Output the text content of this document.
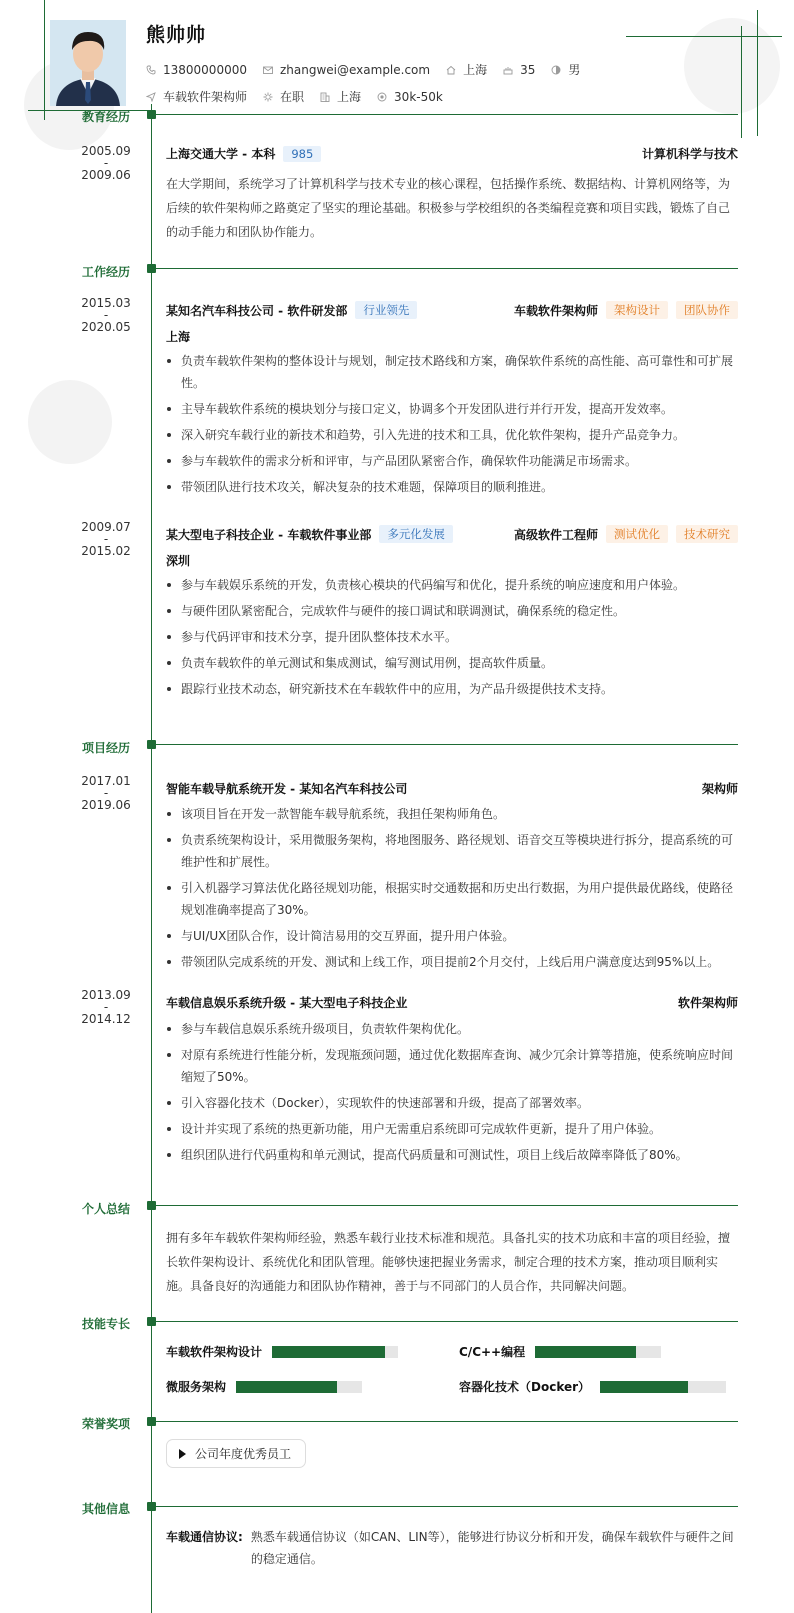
熊帅帅
13800000000	zhangwei@example.com	上海	35	男
车载软件架构师	在职	上海	30k-50k
教育经历
2005.09
-
2009.06
上海交通大学 - 本科	985	计算机科学与技术
在大学期间，系统学习了计算机科学与技术专业的核心课程，包括操作系统、数据结构、计算机网络等，为后续的软件架构师之路奠定了坚实的理论基础。积极参与学校组织的各类编程竞赛和项目实践，锻炼了自己的动手能力和团队协作能力。
工作经历
2015.03
-
2020.05
某知名汽车科技公司 - 软件研发部	行业领先	车载软件架构师	架构设计	团队协作
上海
负责车载软件架构的整体设计与规划，制定技术路线和方案，确保软件系统的高性能、高可靠性和可扩展性。
主导车载软件系统的模块划分与接口定义，协调多个开发团队进行并行开发，提高开发效率。
深入研究车载行业的新技术和趋势，引入先进的技术和工具，优化软件架构，提升产品竞争力。
参与车载软件的需求分析和评审，与产品团队紧密合作，确保软件功能满足市场需求。
带领团队进行技术攻关，解决复杂的技术难题，保障项目的顺利推进。
2009.07
-
2015.02
某大型电子科技企业 - 车载软件事业部	多元化发展	高级软件工程师	测试优化	技术研究
深圳
参与车载娱乐系统的开发，负责核心模块的代码编写和优化，提升系统的响应速度和用户体验。
与硬件团队紧密配合，完成软件与硬件的接口调试和联调测试，确保系统的稳定性。
参与代码评审和技术分享，提升团队整体技术水平。
负责车载软件的单元测试和集成测试，编写测试用例，提高软件质量。
跟踪行业技术动态，研究新技术在车载软件中的应用，为产品升级提供技术支持。
项目经历
2017.01
-
2019.06
智能车载导航系统开发 - 某知名汽车科技公司	架构师
该项目旨在开发一款智能车载导航系统，我担任架构师角色。
负责系统架构设计，采用微服务架构，将地图服务、路径规划、语音交互等模块进行拆分，提高系统的可维护性和扩展性。
引入机器学习算法优化路径规划功能，根据实时交通数据和历史出行数据，为用户提供最优路线，使路径规划准确率提高了30%。
与UI/UX团队合作，设计简洁易用的交互界面，提升用户体验。
带领团队完成系统的开发、测试和上线工作，项目提前2个月交付，上线后用户满意度达到95%以上。
2013.09
-
2014.12
车载信息娱乐系统升级 - 某大型电子科技企业	软件架构师
参与车载信息娱乐系统升级项目，负责软件架构优化。
对原有系统进行性能分析，发现瓶颈问题，通过优化数据库查询、减少冗余计算等措施，使系统响应时间缩短了50%。
引入容器化技术（Docker），实现软件的快速部署和升级，提高了部署效率。
设计并实现了系统的热更新功能，用户无需重启系统即可完成软件更新，提升了用户体验。
组织团队进行代码重构和单元测试，提高代码质量和可测试性，项目上线后故障率降低了80%。
个人总结
拥有多年车载软件架构师经验，熟悉车载行业技术标准和规范。具备扎实的技术功底和丰富的项目经验，擅长软件架构设计、系统优化和团队管理。能够快速把握业务需求，制定合理的技术方案，推动项目顺利实施。具备良好的沟通能力和团队协作精神，善于与不同部门的人员合作，共同解决问题。
技能专长
车载软件架构设计	C/C++编程
微服务架构	容器化技术（Docker）
荣誉奖项
公司年度优秀员工
其他信息
车载通信协议: 熟悉车载通信协议（如CAN、LIN等），能够进行协议分析和开发，确保车载软件与硬件之间的稳定通信。
